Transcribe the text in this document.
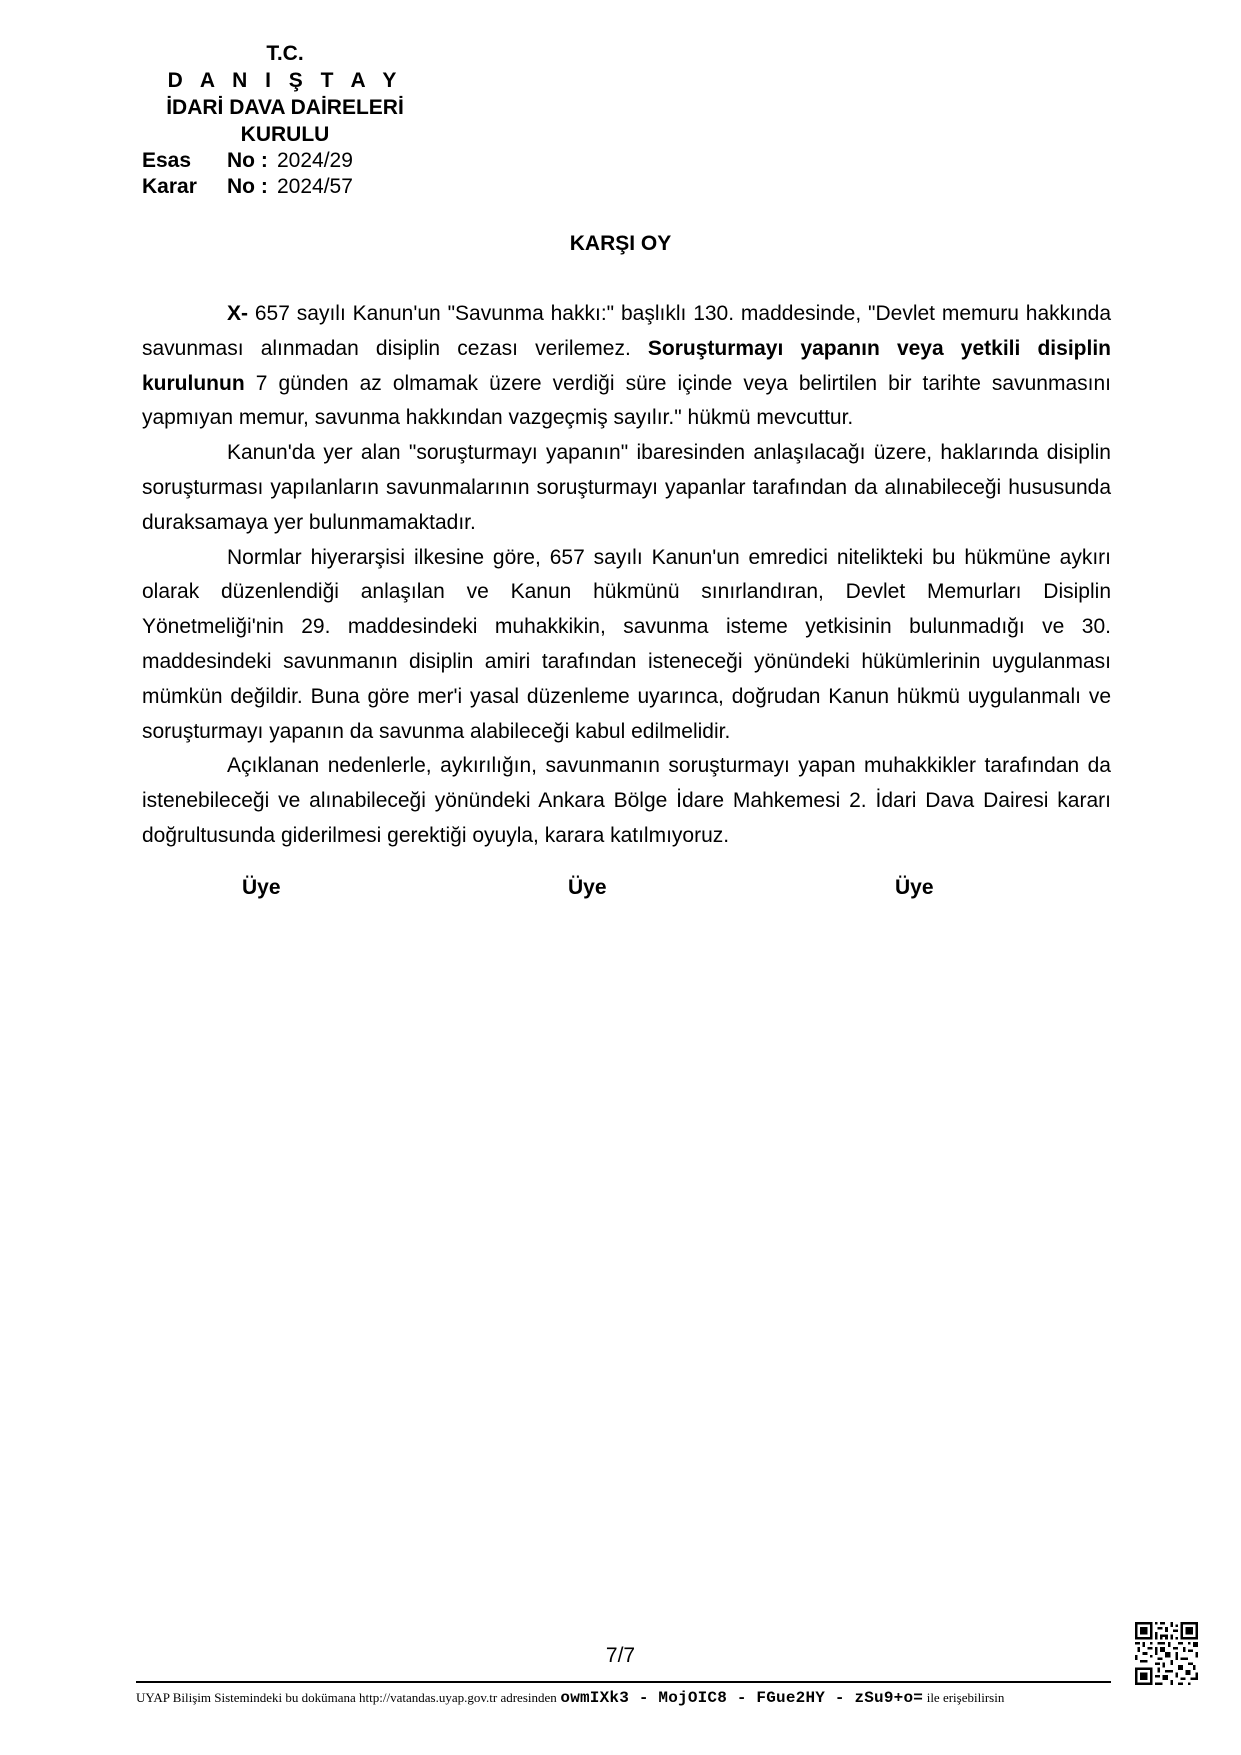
T.C.
D A N I Ş T A Y
İDARİ DAVA DAİRELERİ
KURULU
Esas No : 2024/29
Karar No : 2024/57
KARŞI OY

X- 657 sayılı Kanun'un "Savunma hakkı:" başlıklı 130. maddesinde, "Devlet memuru hakkında savunması alınmadan disiplin cezası verilemez. Soruşturmayı yapanın veya yetkili disiplin kurulunun 7 günden az olmamak üzere verdiği süre içinde veya belirtilen bir tarihte savunmasını yapmıyan memur, savunma hakkından vazgeçmiş sayılır." hükmü mevcuttur.

Kanun'da yer alan "soruşturmayı yapanın" ibaresinden anlaşılacağı üzere, haklarında disiplin soruşturması yapılanların savunmalarının soruşturmayı yapanlar tarafından da alınabileceği hususunda duraksamaya yer bulunmamaktadır.

Normlar hiyerarşisi ilkesine göre, 657 sayılı Kanun'un emredici nitelikteki bu hükmüne aykırı olarak düzenlendiği anlaşılan ve Kanun hükmünü sınırlandıran, Devlet Memurları Disiplin Yönetmeliği'nin 29. maddesindeki muhakkikin, savunma isteme yetkisinin bulunmadığı ve 30. maddesindeki savunmanın disiplin amiri tarafından isteneceği yönündeki hükümlerinin uygulanması mümkün değildir. Buna göre mer'i yasal düzenleme uyarınca, doğrudan Kanun hükmü uygulanmalı ve soruşturmayı yapanın da savunma alabileceği kabul edilmelidir.

Açıklanan nedenlerle, aykırılığın, savunmanın soruşturmayı yapan muhakkikler tarafından da istenebileceği ve alınabileceği yönündeki Ankara Bölge İdare Mahkemesi 2. İdari Dava Dairesi kararı doğrultusunda giderilmesi gerektiği oyuyla, karara katılmıyoruz.

Üye	Üye	Üye
7/7
UYAP Bilişim Sistemindeki bu dokümana http://vatandas.uyap.gov.tr adresinden owmIXk3 - MojOIC8 - FGue2HY - zSu9+o= ile erişebilirsin
